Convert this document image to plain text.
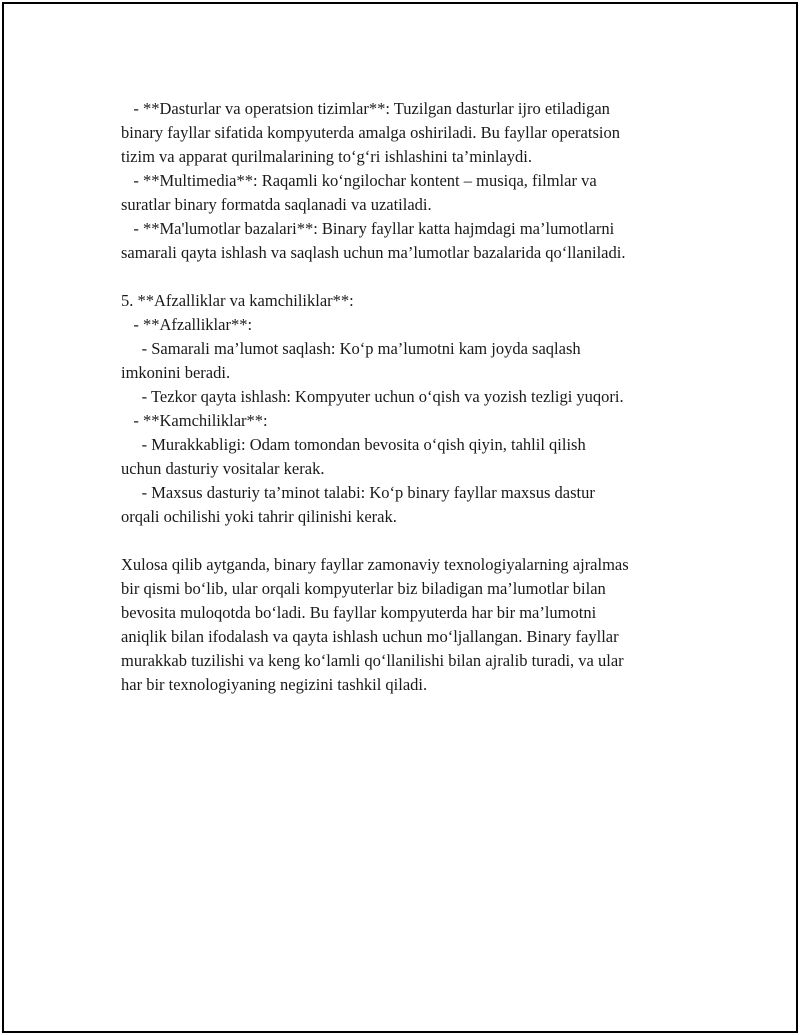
- **Dasturlar va operatsion tizimlar**: Tuzilgan dasturlar ijro etiladigan
binary fayllar sifatida kompyuterda amalga oshiriladi. Bu fayllar operatsion
tizim va apparat qurilmalarining to‘g‘ri ishlashini ta’minlaydi.
- **Multimedia**: Raqamli ko‘ngilochar kontent – musiqa, filmlar va
suratlar binary formatda saqlanadi va uzatiladi.
- **Ma'lumotlar bazalari**: Binary fayllar katta hajmdagi ma’lumotlarni
samarali qayta ishlash va saqlash uchun ma’lumotlar bazalarida qo‘llaniladi.
5. **Afzalliklar va kamchiliklar**:
- **Afzalliklar**:
- Samarali ma’lumot saqlash: Ko‘p ma’lumotni kam joyda saqlash
imkonini beradi.
- Tezkor qayta ishlash: Kompyuter uchun o‘qish va yozish tezligi yuqori.
- **Kamchiliklar**:
- Murakkabligi: Odam tomondan bevosita o‘qish qiyin, tahlil qilish
uchun dasturiy vositalar kerak.
- Maxsus dasturiy ta’minot talabi: Ko‘p binary fayllar maxsus dastur
orqali ochilishi yoki tahrir qilinishi kerak.
Xulosa qilib aytganda, binary fayllar zamonaviy texnologiyalarning ajralmas
bir qismi bo‘lib, ular orqali kompyuterlar biz biladigan ma’lumotlar bilan
bevosita muloqotda bo‘ladi. Bu fayllar kompyuterda har bir ma’lumotni
aniqlik bilan ifodalash va qayta ishlash uchun mo‘ljallangan. Binary fayllar
murakkab tuzilishi va keng ko‘lamli qo‘llanilishi bilan ajralib turadi, va ular
har bir texnologiyaning negizini tashkil qiladi.
